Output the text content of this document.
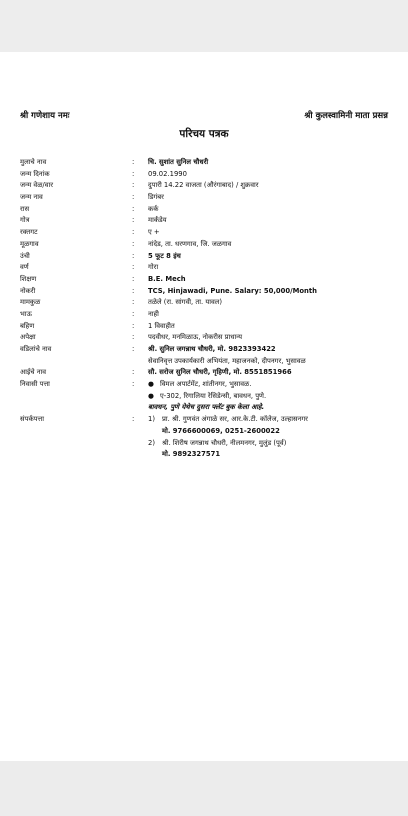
श्री गणेशाय नमः	श्री कुलस्वामिनी माता प्रसन्न
परिचय पत्रक
मुलाचे नाव	: चि. सुशांत सुनिल चौधरी
जन्म दिनांक	: 09.02.1990
जन्म वेळ/वार	: दुपारी 14.22 वाजता (औरंगाबाद) / शुक्रवार
जन्म नाव	: डिगंबर
रास	: कर्क
गोत्र	: मार्कंडेय
रक्तगट	: ए +
मूळगाव	: नांदेड, ता. धरणगाव, जि. जळगाव
उंची	: 5 फूट 8 इंच
वर्ण	: गोरा
शिक्षण	: B.E. Mech
नोकरी	: TCS, Hinjawadi, Pune. Salary: 50,000/Month
मामकुळ	: तळेले (रा. सांगवी, ता. यावल)
भाऊ	: नाही
बहिण	: 1 विवाहीत
अपेक्षा	: पदवीधर, मनमिळाऊ, नोकरीस प्राधान्य
वडिलांचे नाव	: श्री. सुनिल जगन्नाथ चौधरी, मो. 9823393422
सेवानिवृत्त उपकार्यकारी अभियंता, महाजनको, दीपनगर, भुसावळ
आईचे नाव	: सौ. सरोज सुनिल चौधरी, गृहिणी, मो. 8551851966
निवासी पत्ता	: ● विमल अपार्टमेंट, शांतीनगर, भुसावळ.
● ए-302, रिगालिया रेसिडेन्सी, बावधन, पुणे.
बावधन, पुणे येथेच दुसरा फ्लॅट बुक केला आहे.
संपर्कपत्ता	: 1) प्रा. श्री. गुणवंत अंगाळे सर, आर.के.टी. कॉलेज, उल्हासनगर
मो. 9766600069, 0251-2600022
2) श्री. शिरीष जगन्नाथ चौधरी, नीलमनगर, मुलुंड (पूर्व)
मो. 9892327571
